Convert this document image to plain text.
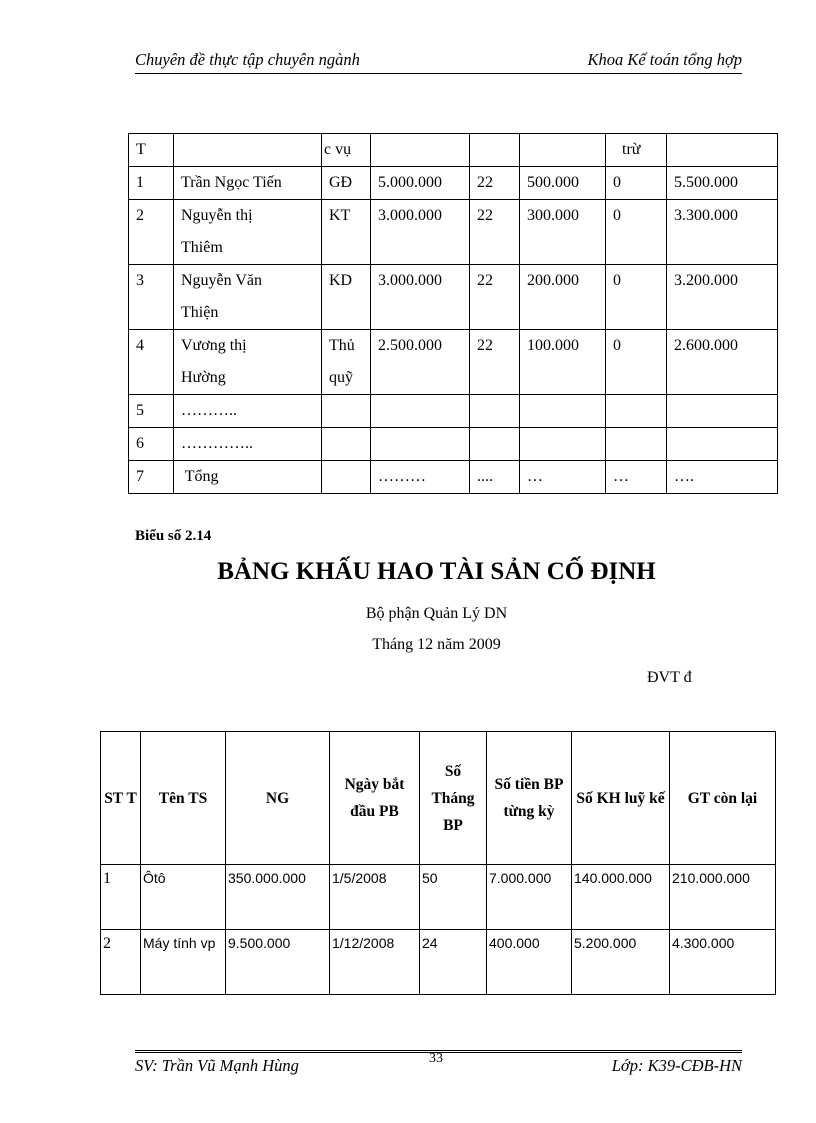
Chuyên đề thực tập chuyên ngành	Khoa Kế toán tổng hợp
T		c vụ				trừ	
1	Trần Ngọc Tiến	GĐ	5.000.000	22	500.000	0	5.500.000
2	Nguyễn thị Thiêm	KT	3.000.000	22	300.000	0	3.300.000
3	Nguyễn Văn Thiện	KD	3.000.000	22	200.000	0	3.200.000
4	Vương thị Hường	Thủ quỹ	2.500.000	22	100.000	0	2.600.000
5	………..						
6	…………..						
7	Tổng		………	....	…	…	….
Biểu số 2.14
BẢNG KHẤU HAO TÀI SẢN CỐ ĐỊNH
Bộ phận Quản Lý DN
Tháng 12 năm 2009
ĐVT đ
ST T	Tên TS	NG	Ngày bắt đầu PB	Số Tháng BP	Số tiền BP từng kỳ	Số KH luỹ kế	GT còn lại
1	Ôtô	350.000.000	1/5/2008	50	7.000.000	140.000.000	210.000.000
2	Máy tính vp	9.500.000	1/12/2008	24	400.000	5.200.000	4.300.000
SV: Trần Vũ Mạnh Hùng	33	Lớp: K39-CĐB-HN
